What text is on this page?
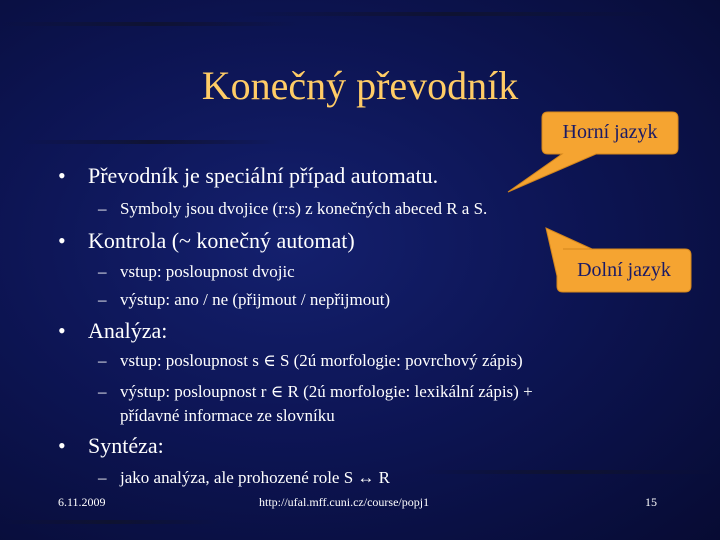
Konečný převodník
Horní jazyk
Dolní jazyk
• Převodník je speciální případ automatu.
– Symboly jsou dvojice (r:s) z konečných abeced R a S.
• Kontrola (~ konečný automat)
– vstup: posloupnost dvojic
– výstup: ano / ne (přijmout / nepřijmout)
• Analýza:
– vstup: posloupnost s ∈ S (2ú morfologie: povrchový zápis)
– výstup: posloupnost r ∈ R (2ú morfologie: lexikální zápis) +
přídavné informace ze slovníku
• Syntéza:
– jako analýza, ale prohozené role S ↔ R
6.11.2009	http://ufal.mff.cuni.cz/course/popj1	15
